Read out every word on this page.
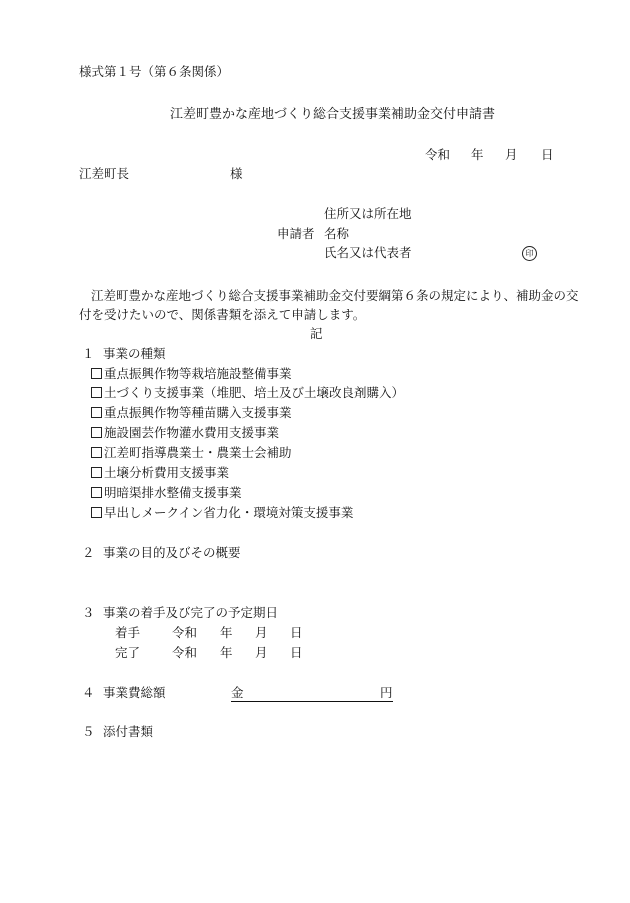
様式第１号（第６条関係）
江差町豊かな産地づくり総合支援事業補助金交付申請書
令和 年 月 日
江差町長	様
住所又は所在地
申請者 名称
氏名又は代表者	印
江差町豊かな産地づくり総合支援事業補助金交付要綱第６条の規定により、補助金の交
付を受けたいので、関係書類を添えて申請します。
記
１ 事業の種類
重点振興作物等栽培施設整備事業
土づくり支援事業（堆肥、培土及び土壌改良剤購入）
重点振興作物等種苗購入支援事業
施設園芸作物灌水費用支援事業
江差町指導農業士・農業士会補助
土壌分析費用支援事業
明暗渠排水整備支援事業
早出しメークイン省力化・環境対策支援事業
２ 事業の目的及びその概要
３ 事業の着手及び完了の予定期日
着手	令和 年 月 日
完了	令和 年 月 日
４ 事業費総額	金	円
５ 添付書類
